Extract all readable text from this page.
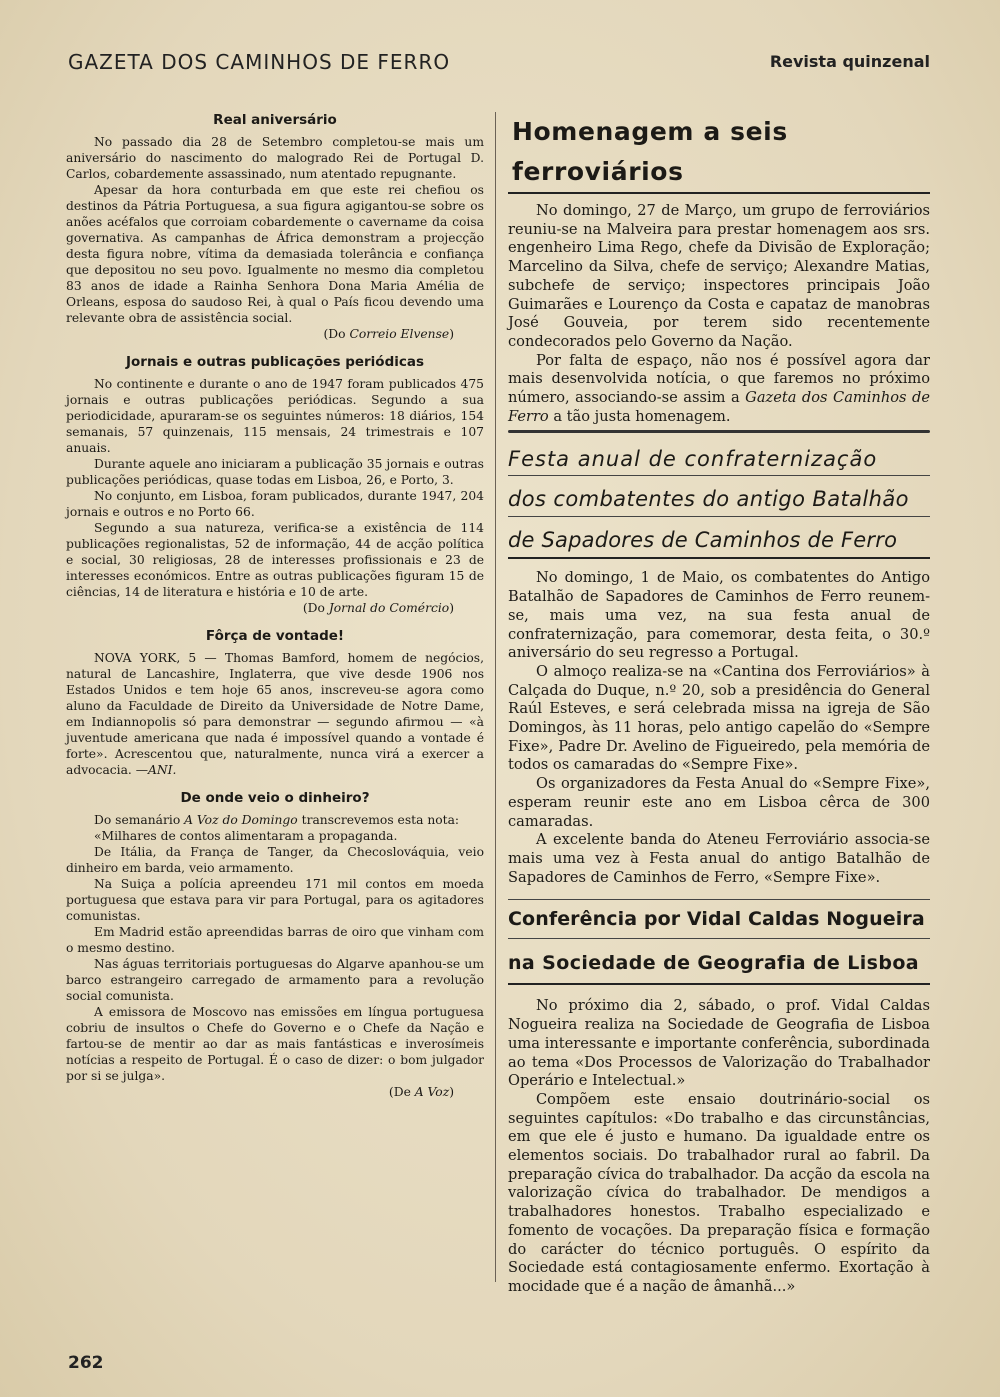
GAZETA DOS CAMINHOS DE FERRO	Revista quinzenal
Real aniversário

No passado dia 28 de Setembro completou-se mais um aniversário do nascimento do malogrado Rei de Portugal D. Carlos, cobardemente assassinado, num atentado repugnante.

Apesar da hora conturbada em que este rei chefiou os destinos da Pátria Portuguesa, a sua figura agigantou-se sobre os anões acéfalos que corroiam cobardemente o cavername da coisa governativa. As campanhas de África demonstram a projecção desta figura nobre, vítima da demasiada tolerância e confiança que depositou no seu povo. Igualmente no mesmo dia completou 83 anos de idade a Rainha Senhora Dona Maria Amélia de Orleans, esposa do saudoso Rei, à qual o País ficou devendo uma relevante obra de assistência social.

(Do Correio Elvense)
Jornais e outras publicações periódicas

No continente e durante o ano de 1947 foram publicados 475 jornais e outras publicações periódicas. Segundo a sua periodicidade, apuraram-se os seguintes números: 18 diários, 154 semanais, 57 quinzenais, 115 mensais, 24 trimestrais e 107 anuais.

Durante aquele ano iniciaram a publicação 35 jornais e outras publicações periódicas, quase todas em Lisboa, 26, e Porto, 3.

No conjunto, em Lisboa, foram publicados, durante 1947, 204 jornais e outros e no Porto 66.

Segundo a sua natureza, verifica-se a existência de 114 publicações regionalistas, 52 de informação, 44 de acção política e social, 30 religiosas, 28 de interesses profissionais e 23 de interesses económicos. Entre as outras publicações figuram 15 de ciências, 14 de literatura e história e 10 de arte.

(Do Jornal do Comércio)
Fôrça de vontade!

NOVA YORK, 5 — Thomas Bamford, homem de negócios, natural de Lancashire, Inglaterra, que vive desde 1906 nos Estados Unidos e tem hoje 65 anos, inscreveu-se agora como aluno da Faculdade de Direito da Universidade de Notre Dame, em Indiannopolis só para demonstrar — segundo afirmou — «à juventude americana que nada é impossível quando a vontade é forte». Acrescentou que, naturalmente, nunca virá a exercer a advocacia. —ANI.

De onde veio o dinheiro?

Do semanário A Voz do Domingo transcrevemos esta nota:

«Milhares de contos alimentaram a propaganda.

De Itália, da França de Tanger, da Checoslováquia, veio dinheiro em barda, veio armamento.

Na Suiça a polícia apreendeu 171 mil contos em moeda portuguesa que estava para vir para Portugal, para os agitadores comunistas.

Em Madrid estão apreendidas barras de oiro que vinham com o mesmo destino.

Nas águas territoriais portuguesas do Algarve apanhou-se um barco estrangeiro carregado de armamento para a revolução social comunista.

A emissora de Moscovo nas emissões em língua portuguesa cobriu de insultos o Chefe do Governo e o Chefe da Nação e fartou-se de mentir ao dar as mais fantásticas e inverosímeis notícias a respeito de Portugal. É o caso de dizer: o bom julgador por si se julga».

(De A Voz)
Homenagem a seis ferroviários

No domingo, 27 de Março, um grupo de ferroviários reuniu-se na Malveira para prestar homenagem aos srs. engenheiro Lima Rego, chefe da Divisão de Exploração; Marcelino da Silva, chefe de serviço; Alexandre Matias, subchefe de serviço; inspectores principais João Guimarães e Lourenço da Costa e capataz de manobras José Gouveia, por terem sido recentemente condecorados pelo Governo da Nação.

Por falta de espaço, não nos é possível agora dar mais desenvolvida notícia, o que faremos no próximo número, associando-se assim a Gazeta dos Caminhos de Ferro a tão justa homenagem.

Festa anual de confraternização
dos combatentes do antigo Batalhão
de Sapadores de Caminhos de Ferro

No domingo, 1 de Maio, os combatentes do Antigo Batalhão de Sapadores de Caminhos de Ferro reunem-se, mais uma vez, na sua festa anual de confraternização, para comemorar, desta feita, o 30.º aniversário do seu regresso a Portugal.

O almoço realiza-se na «Cantina dos Ferroviários» à Calçada do Duque, n.º 20, sob a presidência do General Raúl Esteves, e será celebrada missa na igreja de São Domingos, às 11 horas, pelo antigo capelão do «Sempre Fixe», Padre Dr. Avelino de Figueiredo, pela memória de todos os camaradas do «Sempre Fixe».

Os organizadores da Festa Anual do «Sempre Fixe», esperam reunir este ano em Lisboa cêrca de 300 camaradas.

A excelente banda do Ateneu Ferroviário associa-se mais uma vez à Festa anual do antigo Batalhão de Sapadores de Caminhos de Ferro, «Sempre Fixe».

Conferência por Vidal Caldas Nogueira
na Sociedade de Geografia de Lisboa

No próximo dia 2, sábado, o prof. Vidal Caldas Nogueira realiza na Sociedade de Geografia de Lisboa uma interessante e importante conferência, subordinada ao tema «Dos Processos de Valorização do Trabalhador Operário e Intelectual.»

Compõem este ensaio doutrinário-social os seguintes capítulos: «Do trabalho e das circunstâncias, em que ele é justo e humano. Da igualdade entre os elementos sociais. Do trabalhador rural ao fabril. Da preparação cívica do trabalhador. Da acção da escola na valorização cívica do trabalhador. De mendigos a trabalhadores honestos. Trabalho especializado e fomento de vocações. Da preparação física e formação do carácter do técnico português. O espírito da Sociedade está contagiosamente enfermo. Exortação à mocidade que é a nação de âmanhã...»

262
